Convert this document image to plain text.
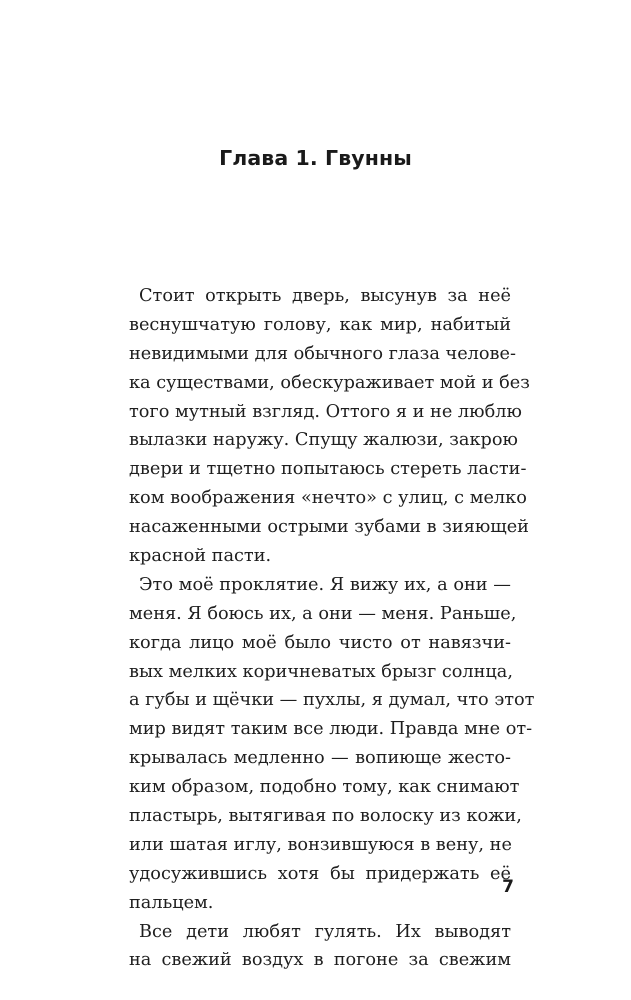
Глава 1. Гвунны
Стоит открыть дверь, высунув за неё
веснушчатую голову, как мир, набитый
невидимыми для обычного глаза челове-
ка существами, обескураживает мой и без
того мутный взгляд. Оттого я и не люблю
вылазки наружу. Спущу жалюзи, закрою
двери и тщетно попытаюсь стереть ласти-
ком воображения «нечто» с улиц, с мелко
насаженными острыми зубами в зияющей
красной пасти.
Это моё проклятие. Я вижу их, а они —
меня. Я боюсь их, а они — меня. Раньше,
когда лицо моё было чисто от навязчи-
вых мелких коричневатых брызг солнца,
а губы и щёчки — пухлы, я думал, что этот
мир видят таким все люди. Правда мне от-
крывалась медленно — вопиюще жесто-
ким образом, подобно тому, как снимают
пластырь, вытягивая по волоску из кожи,
или шатая иглу, вонзившуюся в вену, не
удосужившись хотя бы придержать её
пальцем.
Все дети любят гулять. Их выводят
на свежий воздух в погоне за свежим
7
